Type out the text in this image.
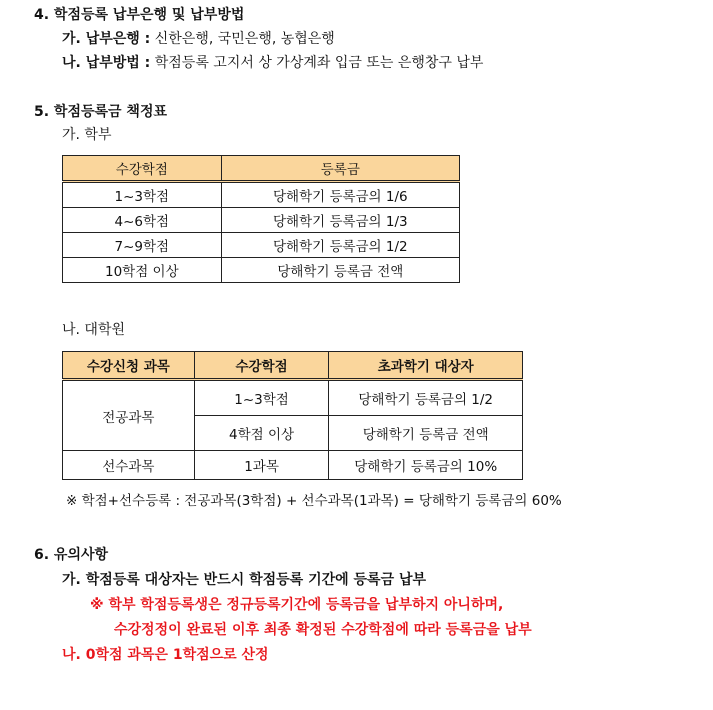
4. 학점등록 납부은행 및 납부방법
가. 납부은행 : 신한은행, 국민은행, 농협은행
나. 납부방법 : 학점등록 고지서 상 가상계좌 입금 또는 은행창구 납부
5. 학점등록금 책정표
가. 학부
수강학점	등록금
1~3학점	당해학기 등록금의 1/6
4~6학점	당해학기 등록금의 1/3
7~9학점	당해학기 등록금의 1/2
10학점 이상	당해학기 등록금 전액
나. 대학원
수강신청 과목	수강학점	초과학기 대상자
전공과목	1~3학점	당해학기 등록금의 1/2
	4학점 이상	당해학기 등록금 전액
선수과목	1과목	당해학기 등록금의 10%
※ 학점+선수등록 : 전공과목(3학점) + 선수과목(1과목) = 당해학기 등록금의 60%
6. 유의사항
가. 학점등록 대상자는 반드시 학점등록 기간에 등록금 납부
※ 학부 학점등록생은 정규등록기간에 등록금을 납부하지 아니하며,
수강정정이 완료된 이후 최종 확정된 수강학점에 따라 등록금을 납부
나. 0학점 과목은 1학점으로 산정
